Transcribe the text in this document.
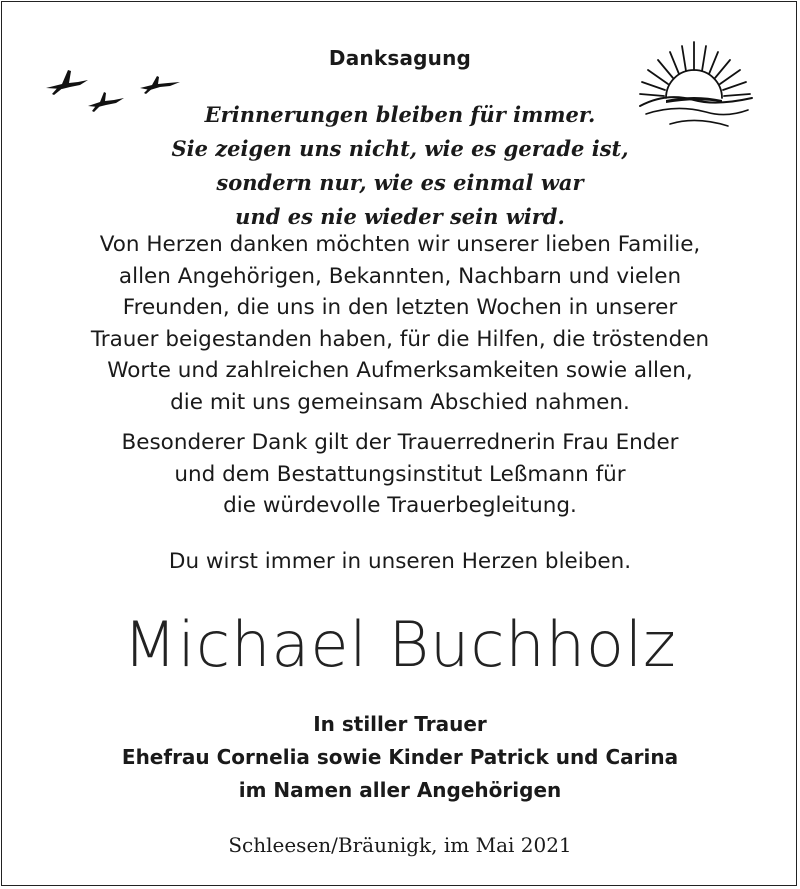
Danksagung

Erinnerungen bleiben für immer.
Sie zeigen uns nicht, wie es gerade ist,
sondern nur, wie es einmal war
und es nie wieder sein wird.

Von Herzen danken möchten wir unserer lieben Familie,
allen Angehörigen, Bekannten, Nachbarn und vielen
Freunden, die uns in den letzten Wochen in unserer
Trauer beigestanden haben, für die Hilfen, die tröstenden
Worte und zahlreichen Aufmerksamkeiten sowie allen,
die mit uns gemeinsam Abschied nahmen.

Besonderer Dank gilt der Trauerrednerin Frau Ender
und dem Bestattungsinstitut Leßmann für
die würdevolle Trauerbegleitung.

Du wirst immer in unseren Herzen bleiben.
Michael Buchholz

In stiller Trauer
Ehefrau Cornelia sowie Kinder Patrick und Carina
im Namen aller Angehörigen

Schleesen/Bräunigk, im Mai 2021
